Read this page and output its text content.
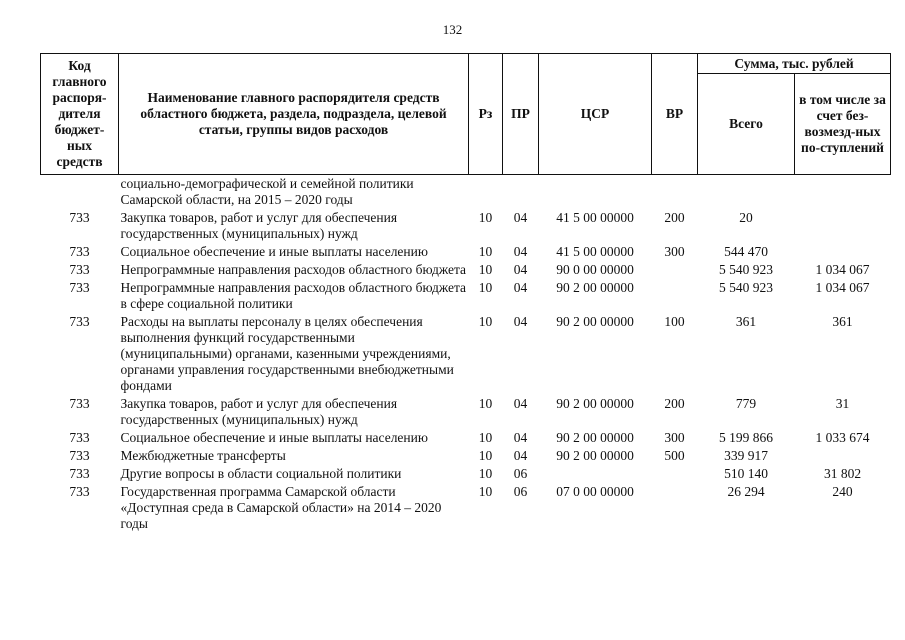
132
Код главного распоря-дителя бюджет-ных средств	Наименование главного распорядителя средств областного бюджета, раздела, подраздела, целевой статьи, группы видов расходов	Рз	ПР	ЦСР	ВР	Сумма, тыс. рублей	
						Всего	в том числе за счет без-возмезд-ных по-ступлений
	социально-демографической и семейной политики Самарской области, на 2015 – 2020 годы						
733	Закупка товаров, работ и услуг для обеспечения государственных (муниципальных) нужд	10	04	41 5 00 00000	200	20	
733	Социальное обеспечение и иные выплаты населению	10	04	41 5 00 00000	300	544 470	
733	Непрограммные направления расходов областного бюджета	10	04	90 0 00 00000		5 540 923	1 034 067
733	Непрограммные направления расходов областного бюджета в сфере социальной политики	10	04	90 2 00 00000		5 540 923	1 034 067
733	Расходы на выплаты персоналу в целях обеспечения выполнения функций государственными (муниципальными) органами, казенными учреждениями, органами управления государственными внебюджетными фондами	10	04	90 2 00 00000	100	361	361
733	Закупка товаров, работ и услуг для обеспечения государственных (муниципальных) нужд	10	04	90 2 00 00000	200	779	31
733	Социальное обеспечение и иные выплаты населению	10	04	90 2 00 00000	300	5 199 866	1 033 674
733	Межбюджетные трансферты	10	04	90 2 00 00000	500	339 917	
733	Другие вопросы в области социальной политики	10	06			510 140	31 802
733	Государственная программа Самарской области «Доступная среда в Самарской области» на 2014 – 2020 годы	10	06	07 0 00 00000		26 294	240
